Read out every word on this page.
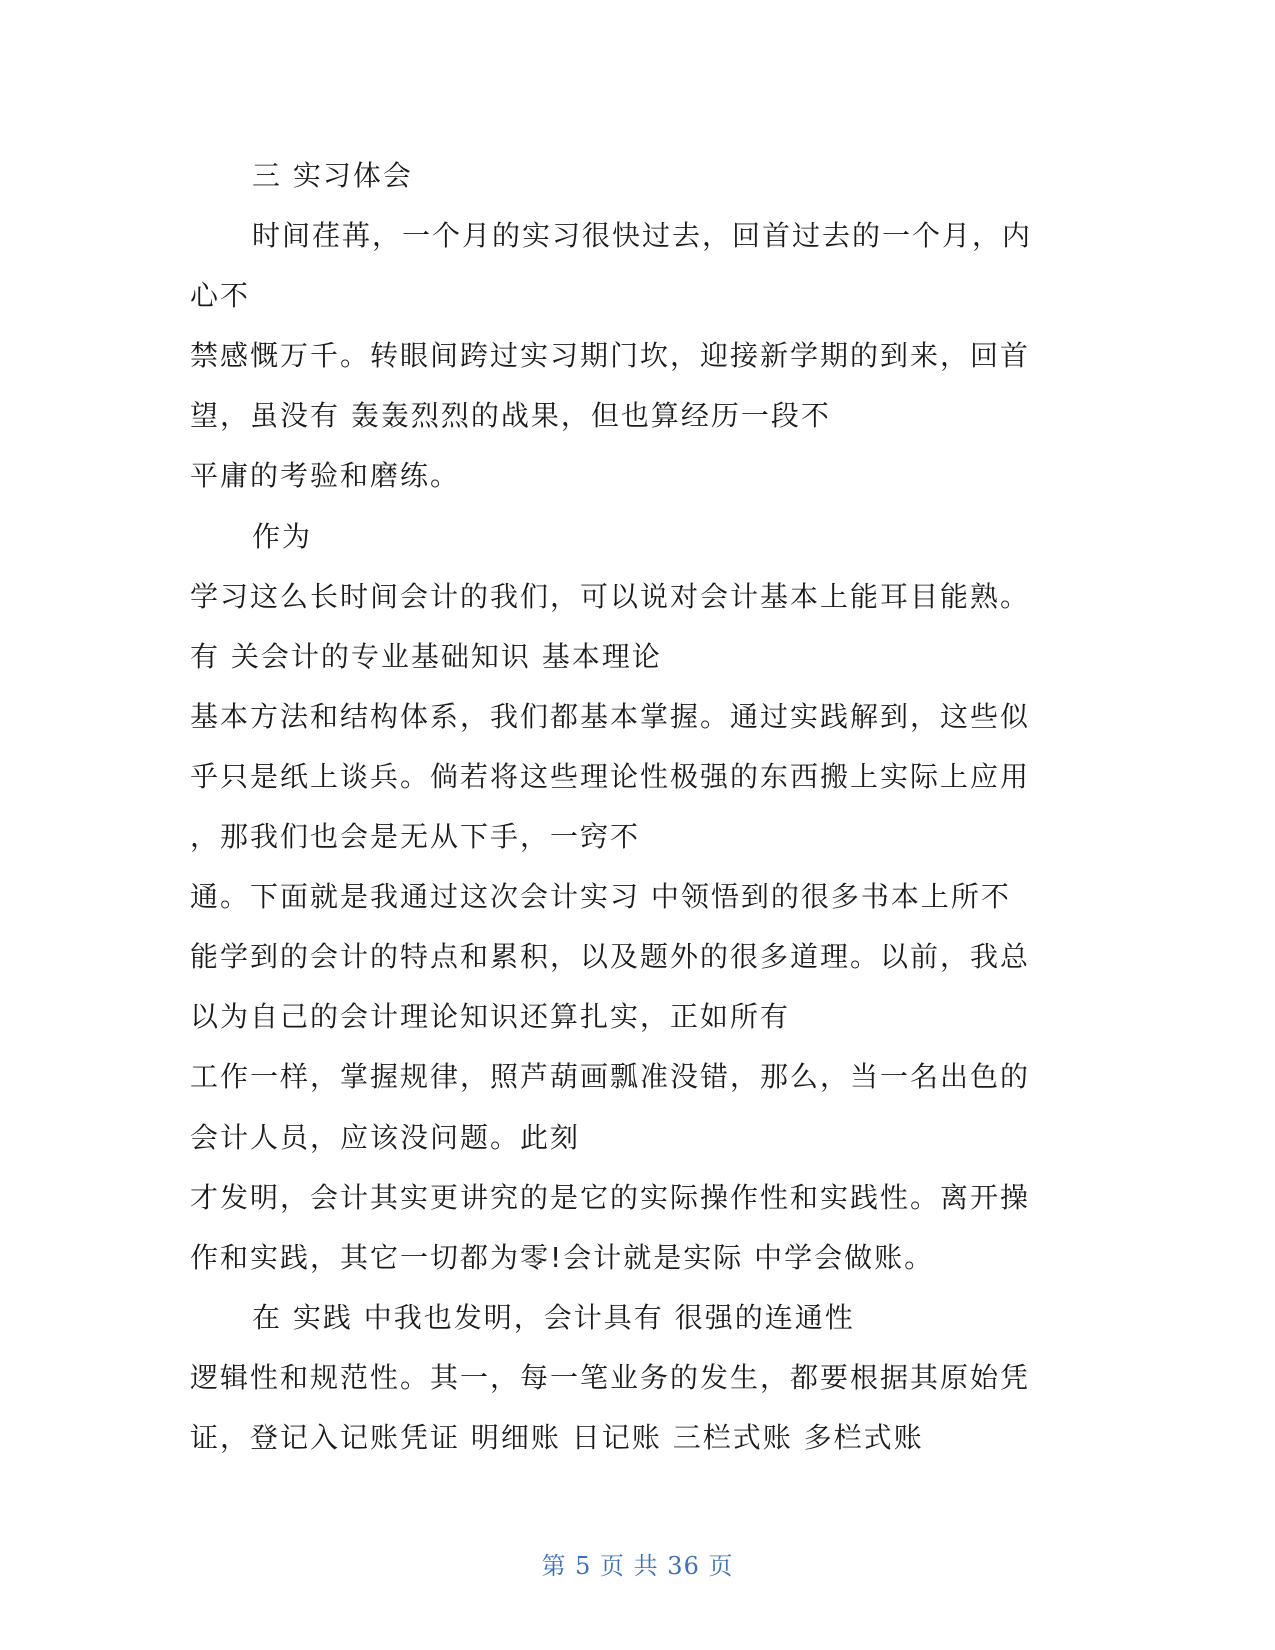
三 实习体会
时间荏苒，一个月的实习很快过去，回首过去的一个月，内
心不
禁感慨万千。转眼间跨过实习期门坎，迎接新学期的到来，回首
望，虽没有 轰轰烈烈的战果，但也算经历一段不
平庸的考验和磨练。
作为
学习这么长时间会计的我们，可以说对会计基本上能耳目能熟。
有 关会计的专业基础知识 基本理论
基本方法和结构体系，我们都基本掌握。通过实践解到，这些似
乎只是纸上谈兵。倘若将这些理论性极强的东西搬上实际上应用
，那我们也会是无从下手，一窍不
通。下面就是我通过这次会计实习 中领悟到的很多书本上所不
能学到的会计的特点和累积，以及题外的很多道理。以前，我总
以为自己的会计理论知识还算扎实，正如所有
工作一样，掌握规律，照芦葫画瓢准没错，那么，当一名出色的
会计人员，应该没问题。此刻
才发明，会计其实更讲究的是它的实际操作性和实践性。离开操
作和实践，其它一切都为零!会计就是实际 中学会做账。
在 实践 中我也发明，会计具有 很强的连通性
逻辑性和规范性。其一，每一笔业务的发生，都要根据其原始凭
证，登记入记账凭证 明细账 日记账 三栏式账 多栏式账
第 5 页 共 36 页
